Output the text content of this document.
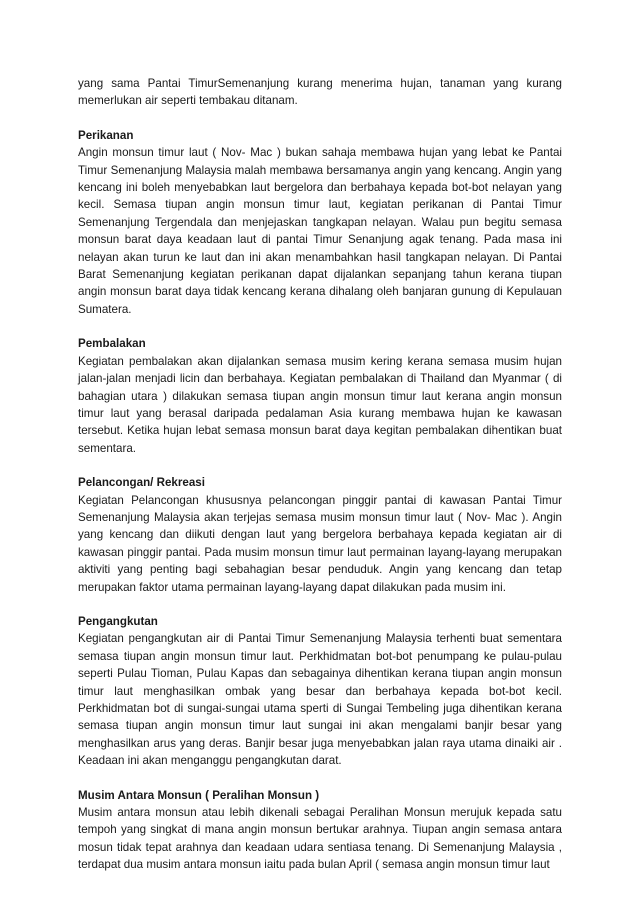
yang sama Pantai TimurSemenanjung kurang menerima hujan, tanaman yang kurang memerlukan air seperti tembakau ditanam.

Perikanan

Angin monsun timur laut ( Nov- Mac ) bukan sahaja membawa hujan yang lebat ke Pantai Timur Semenanjung Malaysia malah membawa bersamanya angin yang kencang. Angin yang kencang ini boleh menyebabkan laut bergelora dan berbahaya kepada bot-bot nelayan yang kecil. Semasa tiupan angin monsun timur laut, kegiatan perikanan di Pantai Timur Semenanjung Tergendala dan menjejaskan tangkapan nelayan. Walau pun begitu semasa monsun barat daya keadaan laut di pantai Timur Senanjung agak tenang. Pada masa ini nelayan akan turun ke laut dan ini akan menambahkan hasil tangkapan nelayan. Di Pantai Barat Semenanjung kegiatan perikanan dapat dijalankan sepanjang tahun kerana tiupan angin monsun barat daya tidak kencang kerana dihalang oleh banjaran gunung di Kepulauan Sumatera.

Pembalakan

Kegiatan pembalakan akan dijalankan semasa musim kering kerana semasa musim hujan jalan-jalan menjadi licin dan berbahaya. Kegiatan pembalakan di Thailand dan Myanmar ( di bahagian utara ) dilakukan semasa tiupan angin monsun timur laut kerana angin monsun timur laut yang berasal daripada pedalaman Asia kurang membawa hujan ke kawasan tersebut. Ketika hujan lebat semasa monsun barat daya kegitan pembalakan dihentikan buat sementara.

Pelancongan/ Rekreasi

Kegiatan Pelancongan khususnya pelancongan pinggir pantai di kawasan Pantai Timur Semenanjung Malaysia akan terjejas semasa musim monsun timur laut ( Nov- Mac ). Angin yang kencang dan diikuti dengan laut yang bergelora berbahaya kepada kegiatan air di kawasan pinggir pantai. Pada musim monsun timur laut permainan layang-layang merupakan aktiviti yang penting bagi sebahagian besar penduduk. Angin yang kencang dan tetap merupakan faktor utama permainan layang-layang dapat dilakukan pada musim ini.

Pengangkutan

Kegiatan pengangkutan air di Pantai Timur Semenanjung Malaysia terhenti buat sementara semasa tiupan angin monsun timur laut. Perkhidmatan bot-bot penumpang ke pulau-pulau seperti Pulau Tioman, Pulau Kapas dan sebagainya dihentikan kerana tiupan angin monsun timur laut menghasilkan ombak yang besar dan berbahaya kepada bot-bot kecil. Perkhidmatan bot di sungai-sungai utama sperti di Sungai Tembeling juga dihentikan kerana semasa tiupan angin monsun timur laut sungai ini akan mengalami banjir besar yang menghasilkan arus yang deras. Banjir besar juga menyebabkan jalan raya utama dinaiki air . Keadaan ini akan menganggu pengangkutan darat.

Musim Antara Monsun ( Peralihan Monsun )

Musim antara monsun atau lebih dikenali sebagai Peralihan Monsun merujuk kepada satu tempoh yang singkat di mana angin monsun bertukar arahnya. Tiupan angin semasa antara mosun tidak tepat arahnya dan keadaan udara sentiasa tenang. Di Semenanjung Malaysia , terdapat dua musim antara monsun iaitu pada bulan April ( semasa angin monsun timur laut
